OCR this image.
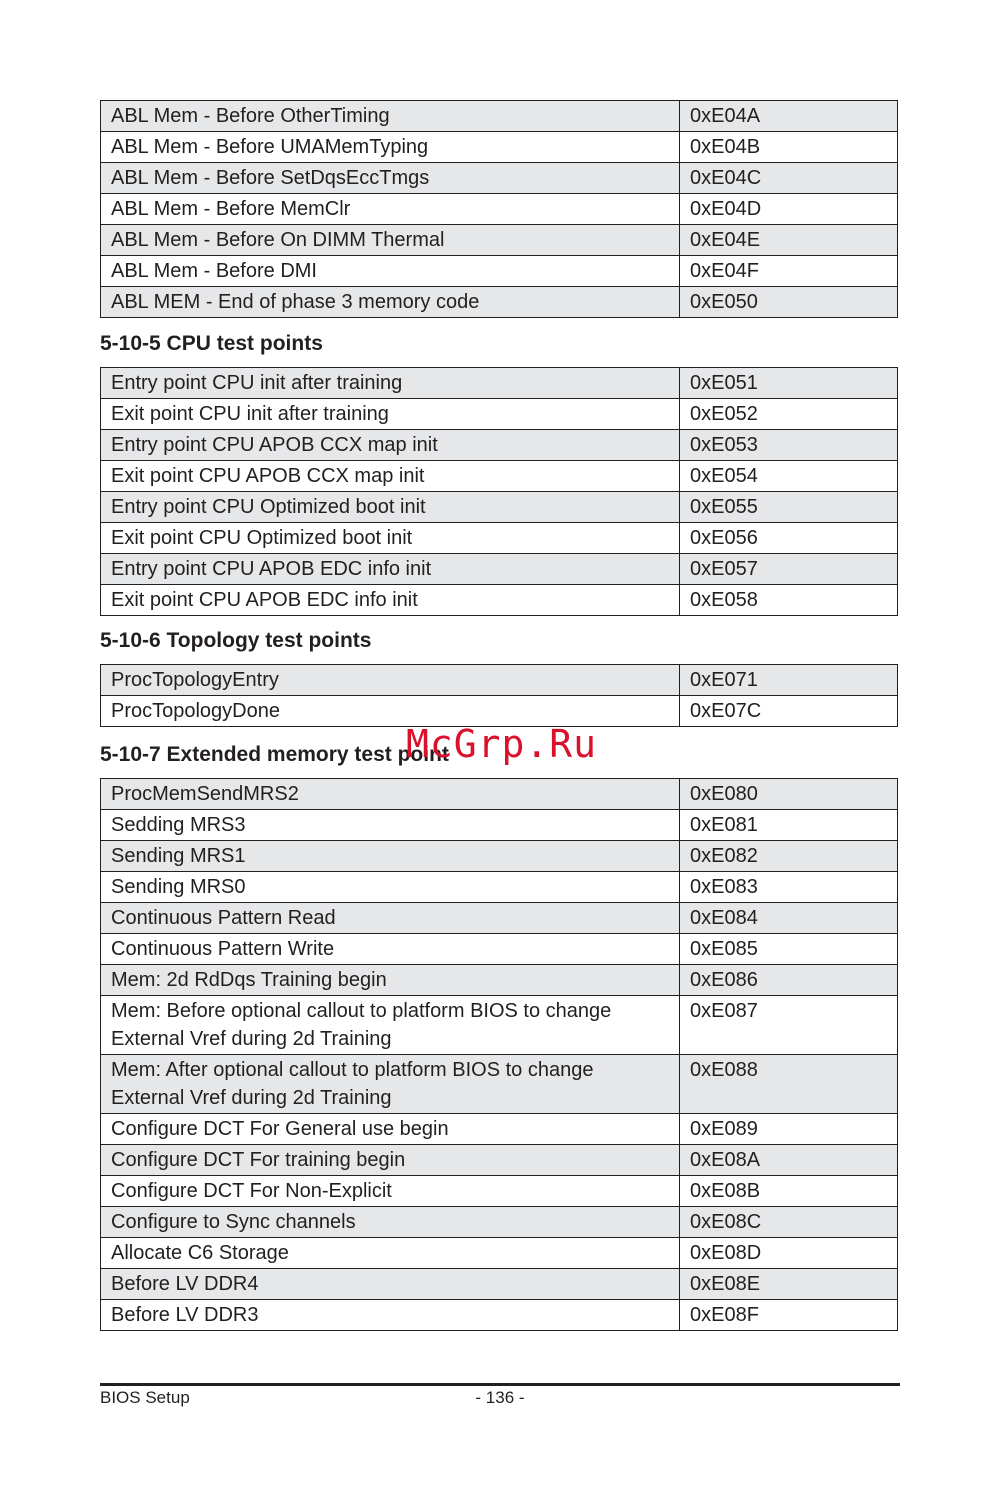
ABL Mem - Before OtherTiming	0xE04A
ABL Mem - Before UMAMemTyping	0xE04B
ABL Mem - Before SetDqsEccTmgs	0xE04C
ABL Mem - Before MemClr	0xE04D
ABL Mem - Before On DIMM Thermal	0xE04E
ABL Mem - Before DMI	0xE04F
ABL MEM - End of phase 3 memory code	0xE050
5-10-5 CPU test points
Entry point CPU init after training	0xE051
Exit point CPU init after training	0xE052
Entry point CPU APOB CCX map init	0xE053
Exit point CPU APOB CCX map init	0xE054
Entry point CPU Optimized boot init	0xE055
Exit point CPU Optimized boot init	0xE056
Entry point CPU APOB EDC info init	0xE057
Exit point CPU APOB EDC info init	0xE058
5-10-6 Topology test points
ProcTopologyEntry	0xE071
ProcTopologyDone	0xE07C
5-10-7 Extended memory test point
ProcMemSendMRS2	0xE080
Sedding MRS3	0xE081
Sending MRS1	0xE082
Sending MRS0	0xE083
Continuous Pattern Read	0xE084
Continuous Pattern Write	0xE085
Mem: 2d RdDqs Training begin	0xE086
Mem: Before optional callout to platform BIOS to change External Vref during 2d Training	0xE087
Mem: After optional callout to platform BIOS to change External Vref during 2d Training	0xE088
Configure DCT For General use begin	0xE089
Configure DCT For training begin	0xE08A
Configure DCT For Non-Explicit	0xE08B
Configure to Sync channels	0xE08C
Allocate C6 Storage	0xE08D
Before LV DDR4	0xE08E
Before LV DDR3	0xE08F
McGrp.Ru
BIOS Setup	- 136 -
